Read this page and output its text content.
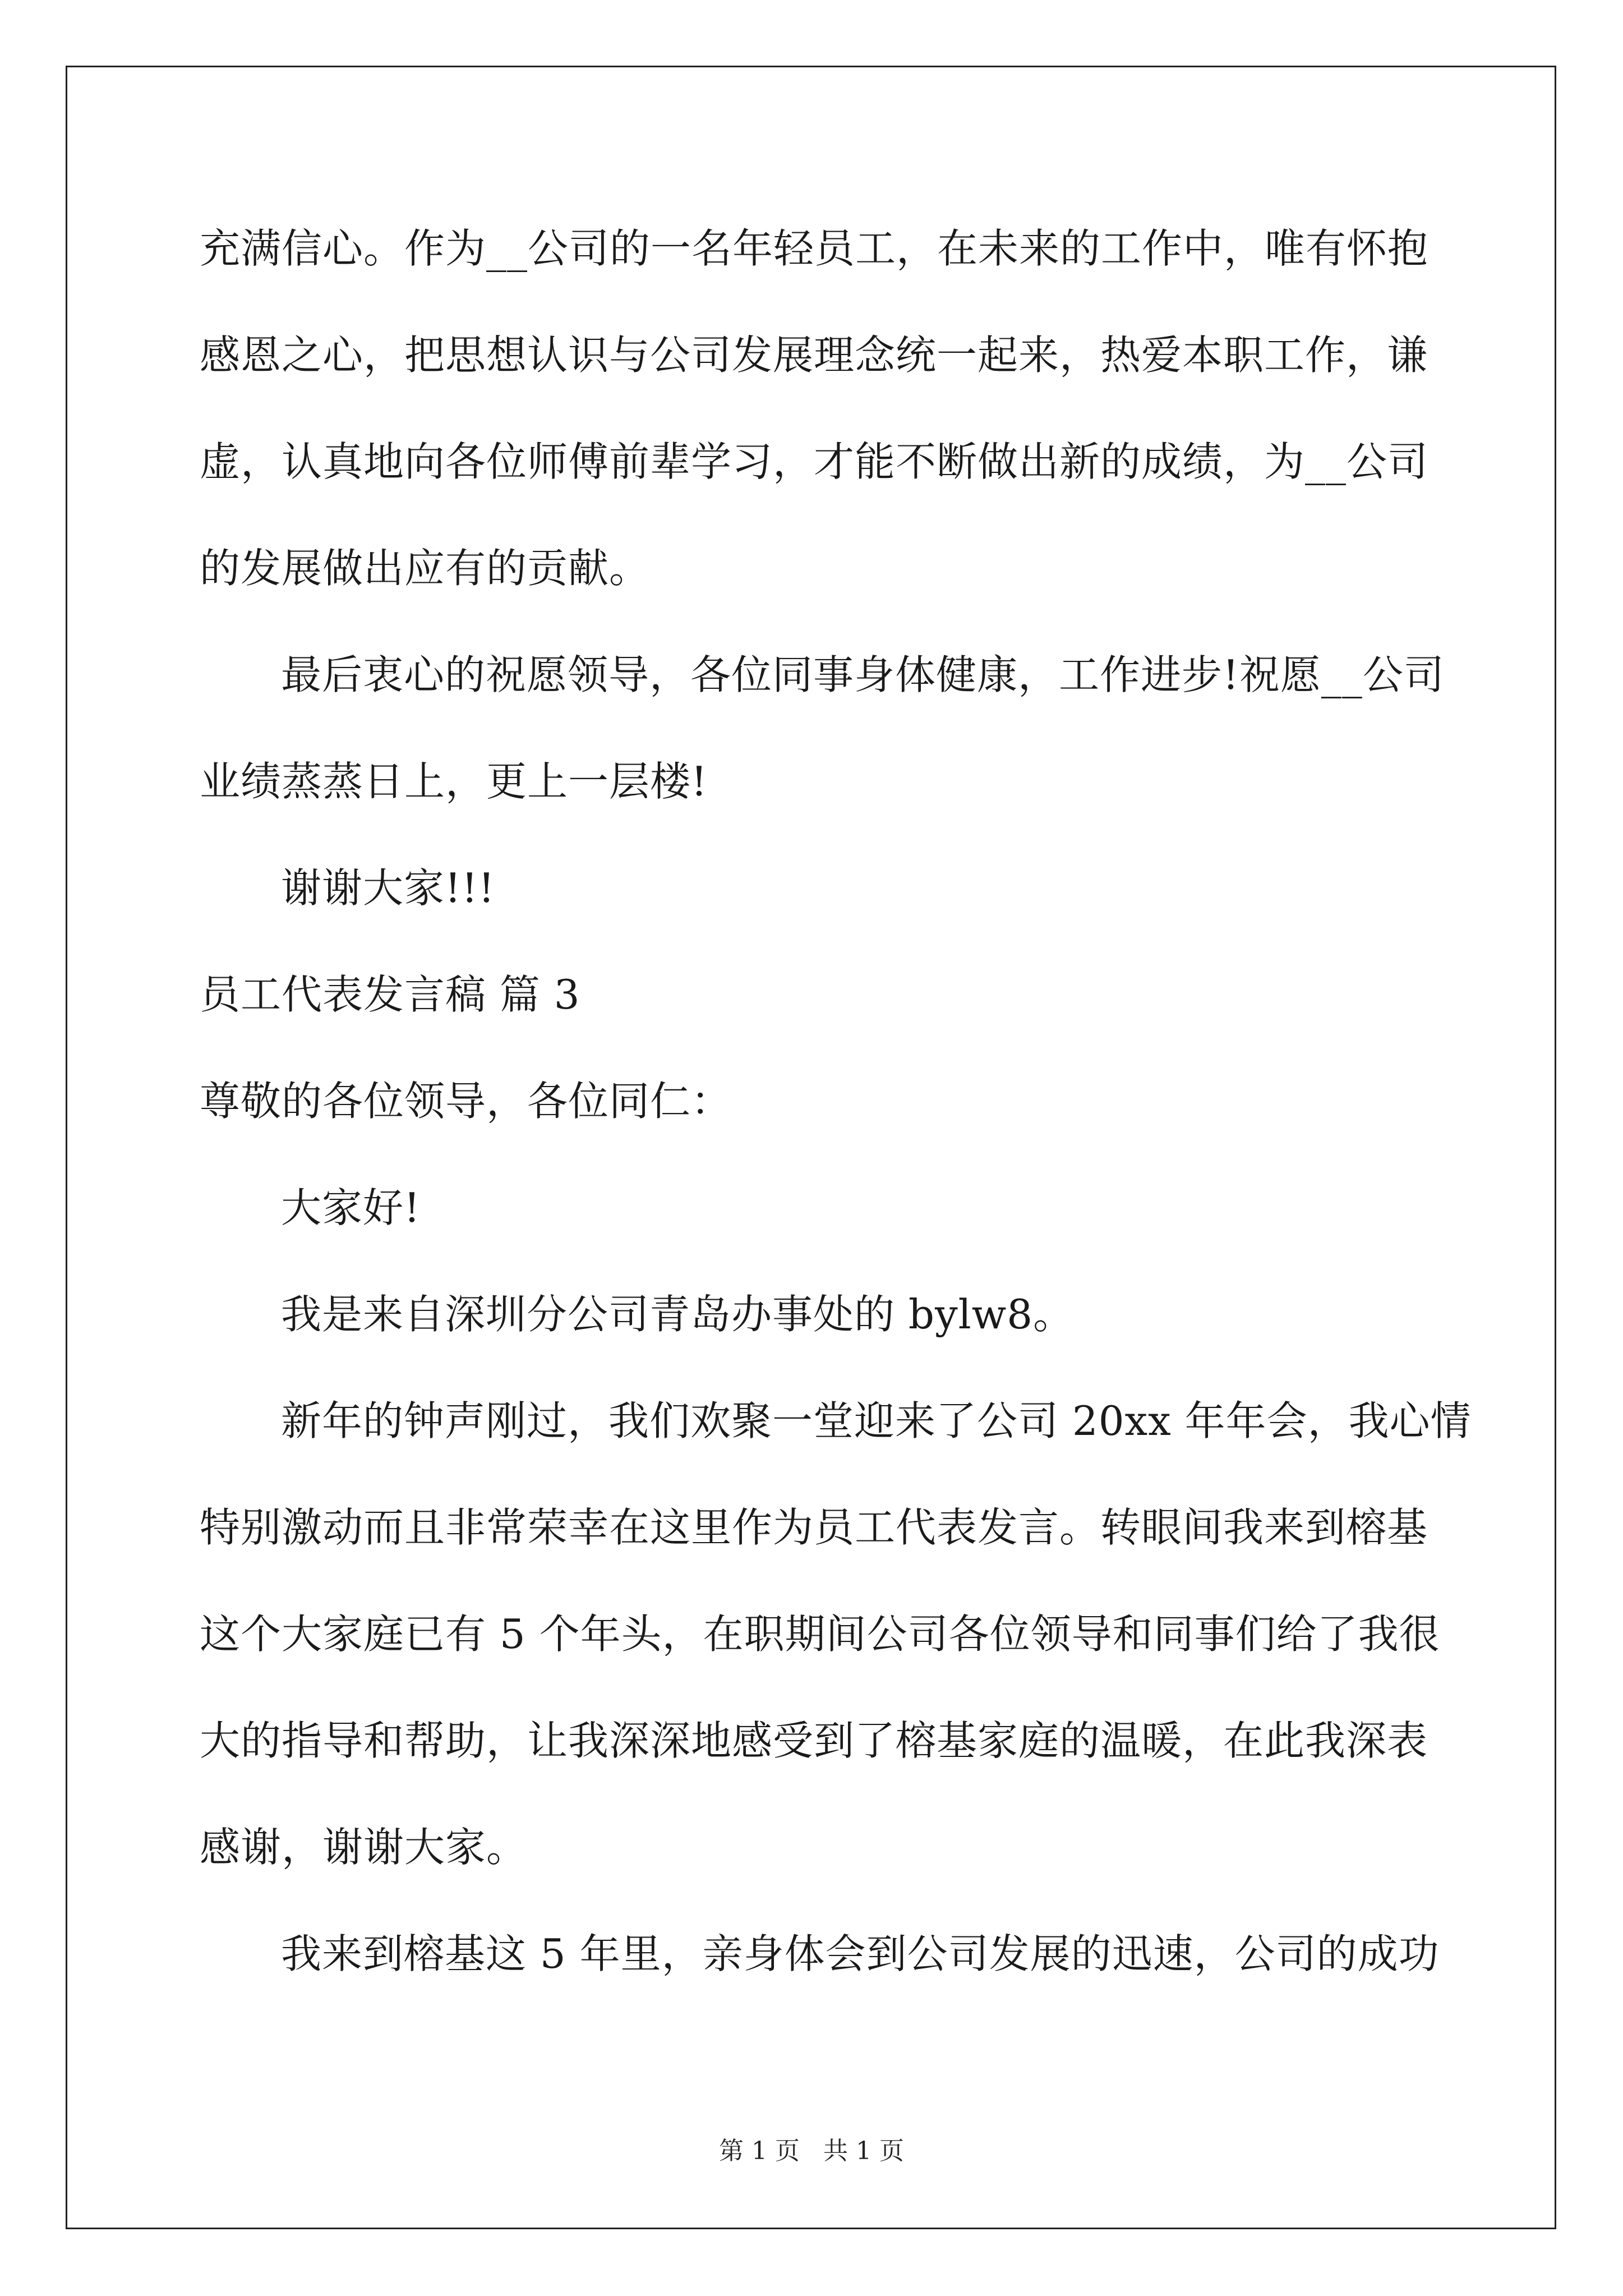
充满信心。作为__公司的一名年轻员工，在未来的工作中，唯有怀抱
感恩之心，把思想认识与公司发展理念统一起来，热爱本职工作，谦
虚，认真地向各位师傅前辈学习，才能不断做出新的成绩，为__公司
的发展做出应有的贡献。
最后衷心的祝愿领导，各位同事身体健康，工作进步!祝愿__公司
业绩蒸蒸日上，更上一层楼!
谢谢大家!!!
员工代表发言稿 篇 3
尊敬的各位领导，各位同仁：
大家好!
我是来自深圳分公司青岛办事处的 bylw8。
新年的钟声刚过，我们欢聚一堂迎来了公司 20xx 年年会，我心情
特别激动而且非常荣幸在这里作为员工代表发言。转眼间我来到榕基
这个大家庭已有 5 个年头，在职期间公司各位领导和同事们给了我很
大的指导和帮助，让我深深地感受到了榕基家庭的温暖，在此我深表
感谢，谢谢大家。
我来到榕基这 5 年里，亲身体会到公司发展的迅速，公司的成功
第 1 页 共 1 页
